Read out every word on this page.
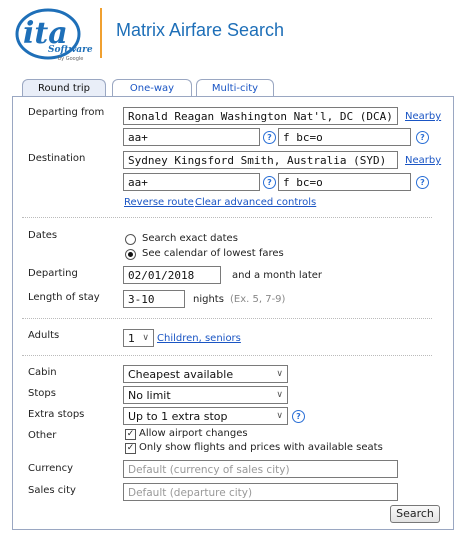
ita
Software
by Google
Matrix Airfare Search
Round trip	One-way	Multi-city
Departing from	Ronald Reagan Washington Nat'l, DC (DCA)	Nearby
aa+	?	f bc=o	?
Destination	Sydney Kingsford Smith, Australia (SYD)	Nearby
aa+	?	f bc=o	?
Reverse route Clear advanced controls
Dates	Search exact dates
See calendar of lowest fares
Departing	02/01/2018	and a month later
Length of stay	3-10	nights (Ex. 5, 7-9)
Adults	1 ∨ Children, seniors
Cabin	Cheapest available	∨
Stops	No limit	∨
Extra stops	Up to 1 extra stop	∨	?
Other	✓ Allow airport changes
✓ Only show flights and prices with available seats
Currency	Default (currency of sales city)
Sales city	Default (departure city)
Search
